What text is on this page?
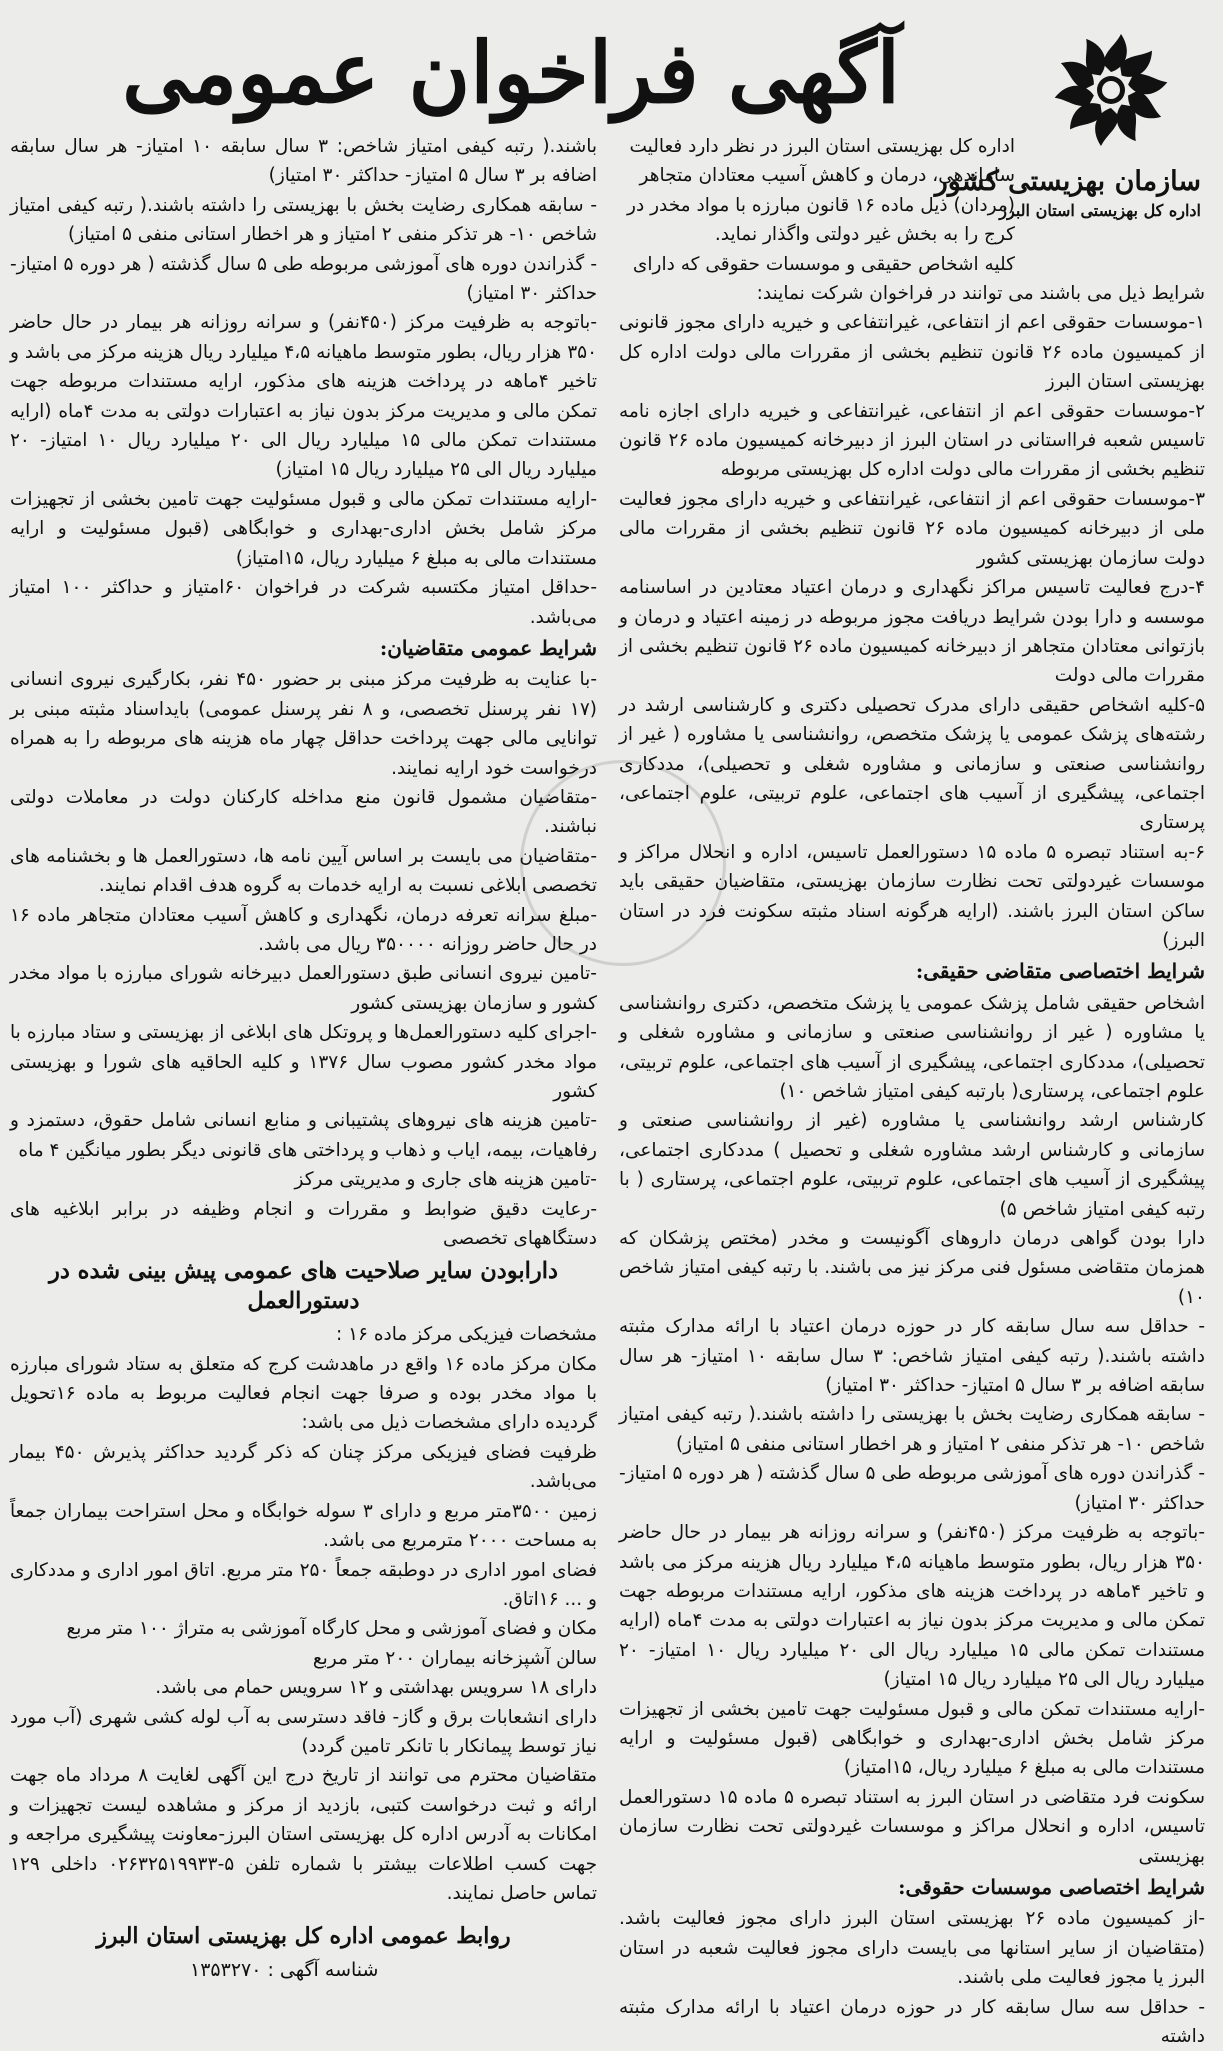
سازمان بهزیستی کشور
اداره کل بهزیستی استان البرز
آگهی فراخوان عمومی

اداره کل بهزیستی استان البرز در نظر دارد فعالیت

ساماندهی، درمان و کاهش آسیب معتادان متجاهر

(مردان) ذیل ماده ۱۶ قانون مبارزه با مواد مخدر در

کرج را به بخش غیر دولتی واگذار نماید.

کلیه اشخاص حقیقی و موسسات حقوقی که دارای

شرایط ذیل می باشند می توانند در فراخوان شرکت نمایند:

۱-موسسات حقوقی اعم از انتفاعی، غیرانتفاعی و خیریه دارای مجوز قانونی از کمیسیون ماده ۲۶ قانون تنظیم بخشی از مقررات مالی دولت اداره کل بهزیستی استان البرز

۲-موسسات حقوقی اعم از انتفاعی، غیرانتفاعی و خیریه دارای اجازه نامه تاسیس شعبه فرااستانی در استان البرز از دبیرخانه کمیسیون ماده ۲۶ قانون تنظیم بخشی از مقررات مالی دولت اداره کل بهزیستی مربوطه

۳-موسسات حقوقی اعم از انتفاعی، غیرانتفاعی و خیریه دارای مجوز فعالیت ملی از دبیرخانه کمیسیون ماده ۲۶ قانون تنظیم بخشی از مقررات مالی دولت سازمان بهزیستی کشور

۴-درج فعالیت تاسیس مراکز نگهداری و درمان اعتیاد معتادین در اساسنامه موسسه و دارا بودن شرایط دریافت مجوز مربوطه در زمینه اعتیاد و درمان و بازتوانی معتادان متجاهر از دبیرخانه کمیسیون ماده ۲۶ قانون تنظیم بخشی از مقررات مالی دولت

۵-کلیه اشخاص حقیقی دارای مدرک تحصیلی دکتری و کارشناسی ارشد در رشته‌های پزشک عمومی یا پزشک متخصص، روانشناسی یا مشاوره ( غیر از روانشناسی صنعتی و سازمانی و مشاوره شغلی و تحصیلی)، مددکاری اجتماعی، پیشگیری از آسیب های اجتماعی، علوم تربیتی، علوم اجتماعی، پرستاری

۶-به استناد تبصره ۵ ماده ۱۵ دستورالعمل تاسیس، اداره و انحلال مراکز و موسسات غیردولتی تحت نظارت سازمان بهزیستی، متقاضیان حقیقی باید ساکن استان البرز باشند. (ارایه هرگونه اسناد مثبته سکونت فرد در استان البرز)

شرایط اختصاصی متقاضی حقیقی:

اشخاص حقیقی شامل پزشک عمومی یا پزشک متخصص، دکتری روانشناسی یا مشاوره ( غیر از روانشناسی صنعتی و سازمانی و مشاوره شغلی و تحصیلی)، مددکاری اجتماعی، پیشگیری از آسیب های اجتماعی، علوم تربیتی، علوم اجتماعی، پرستاری( بارتبه کیفی امتیاز شاخص ۱۰)

کارشناس ارشد روانشناسی یا مشاوره (غیر از روانشناسی صنعتی و سازمانی و کارشناس ارشد مشاوره شغلی و تحصیل ) مددکاری اجتماعی، پیشگیری از آسیب های اجتماعی، علوم تربیتی، علوم اجتماعی، پرستاری ( با رتبه کیفی امتیاز شاخص ۵)

دارا بودن گواهی درمان داروهای آگونیست و مخدر (مختص پزشکان که همزمان متقاضی مسئول فنی مرکز نیز می باشند. با رتبه کیفی امتیاز شاخص ۱۰)

- حداقل سه سال سابقه کار در حوزه درمان اعتیاد با ارائه مدارک مثبته داشته باشند.( رتبه کیفی امتیاز شاخص: ۳ سال سابقه ۱۰ امتیاز- هر سال سابقه اضافه بر ۳ سال ۵ امتیاز- حداکثر ۳۰ امتیاز)

- سابقه همکاری رضایت بخش با بهزیستی را داشته باشند.( رتبه کیفی امتیاز شاخص ۱۰- هر تذکر منفی ۲ امتیاز و هر اخطار استانی منفی ۵ امتیاز)

- گذراندن دوره های آموزشی مربوطه طی ۵ سال گذشته ( هر دوره ۵ امتیاز- حداکثر ۳۰ امتیاز)

-باتوجه به ظرفیت مرکز (۴۵۰نفر) و سرانه روزانه هر بیمار در حال حاضر ۳۵۰ هزار ریال، بطور متوسط ماهیانه ۴،۵ میلیارد ریال هزینه مرکز می باشد و تاخیر ۴ماهه در پرداخت هزینه های مذکور، ارایه مستندات مربوطه جهت تمکن مالی و مدیریت مرکز بدون نیاز به اعتبارات دولتی به مدت ۴ماه (ارایه مستندات تمکن مالی ۱۵ میلیارد ریال الی ۲۰ میلیارد ریال ۱۰ امتیاز- ۲۰ میلیارد ریال الی ۲۵ میلیارد ریال ۱۵ امتیاز)

-ارایه مستندات تمکن مالی و قبول مسئولیت جهت تامین بخشی از تجهیزات مرکز شامل بخش اداری-بهداری و خوابگاهی (قبول مسئولیت و ارایه مستندات مالی به مبلغ ۶ میلیارد ریال، ۱۵امتیاز)

سکونت فرد متقاضی در استان البرز به استناد تبصره ۵ ماده ۱۵ دستورالعمل تاسیس، اداره و انحلال مراکز و موسسات غیردولتی تحت نظارت سازمان بهزیستی

شرایط اختصاصی موسسات حقوقی:

-از کمیسیون ماده ۲۶ بهزیستی استان البرز دارای مجوز فعالیت باشد. (متقاضیان از سایر استانها می بایست دارای مجوز فعالیت شعبه در استان البرز یا مجوز فعالیت ملی باشند.

- حداقل سه سال سابقه کار در حوزه درمان اعتیاد با ارائه مدارک مثبته داشته

باشند.( رتبه کیفی امتیاز شاخص: ۳ سال سابقه ۱۰ امتیاز- هر سال سابقه اضافه بر ۳ سال ۵ امتیاز- حداکثر ۳۰ امتیاز)

- سابقه همکاری رضایت بخش با بهزیستی را داشته باشند.( رتبه کیفی امتیاز شاخص ۱۰- هر تذکر منفی ۲ امتیاز و هر اخطار استانی منفی ۵ امتیاز)

- گذراندن دوره های آموزشی مربوطه طی ۵ سال گذشته ( هر دوره ۵ امتیاز- حداکثر ۳۰ امتیاز)

-باتوجه به ظرفیت مرکز (۴۵۰نفر) و سرانه روزانه هر بیمار در حال حاضر ۳۵۰ هزار ریال، بطور متوسط ماهیانه ۴،۵ میلیارد ریال هزینه مرکز می باشد و تاخیر ۴ماهه در پرداخت هزینه های مذکور، ارایه مستندات مربوطه جهت تمکن مالی و مدیریت مرکز بدون نیاز به اعتبارات دولتی به مدت ۴ماه (ارایه مستندات تمکن مالی ۱۵ میلیارد ریال الی ۲۰ میلیارد ریال ۱۰ امتیاز- ۲۰ میلیارد ریال الی ۲۵ میلیارد ریال ۱۵ امتیاز)

-ارایه مستندات تمکن مالی و قبول مسئولیت جهت تامین بخشی از تجهیزات مرکز شامل بخش اداری-بهداری و خوابگاهی (قبول مسئولیت و ارایه مستندات مالی به مبلغ ۶ میلیارد ریال، ۱۵امتیاز)

-حداقل امتیاز مکتسبه شرکت در فراخوان ۶۰امتیاز و حداکثر ۱۰۰ امتیاز می‌باشد.

شرایط عمومی متقاضیان:

-با عنایت به ظرفیت مرکز مبنی بر حضور ۴۵۰ نفر، بکارگیری نیروی انسانی (۱۷ نفر پرسنل تخصصی، و ۸ نفر پرسنل عمومی) بایداسناد مثبته مبنی بر توانایی مالی جهت پرداخت حداقل چهار ماه هزینه های مربوطه را به همراه درخواست خود ارایه نمایند.

-متقاضیان مشمول قانون منع مداخله کارکنان دولت در معاملات دولتی نباشند.

-متقاضیان می بایست بر اساس آیین نامه ها، دستورالعمل ها و بخشنامه های تخصصی ابلاغی نسبت به ارایه خدمات به گروه هدف اقدام نمایند.

-مبلغ سرانه تعرفه درمان، نگهداری و کاهش آسیب معتادان متجاهر ماده ۱۶ در حال حاضر روزانه ۳۵۰۰۰۰ ریال می باشد.

-تامین نیروی انسانی طبق دستورالعمل دبیرخانه شورای مبارزه با مواد مخدر کشور و سازمان بهزیستی کشور

-اجرای کلیه دستورالعمل‌ها و پروتکل های ابلاغی از بهزیستی و ستاد مبارزه با مواد مخدر کشور مصوب سال ۱۳۷۶ و کلیه الحاقیه های شورا و بهزیستی کشور

-تامین هزینه های نیروهای پشتیبانی و منابع انسانی شامل حقوق، دستمزد و رفاهیات، بیمه، ایاب و ذهاب و پرداختی های قانونی دیگر بطور میانگین ۴ ماه

-تامین هزینه های جاری و مدیریتی مرکز

-رعایت دقیق ضوابط و مقررات و انجام وظیفه در برابر ابلاغیه های دستگاههای تخصصی

دارابودن سایر صلاحیت های عمومی پیش بینی شده در دستورالعمل

مشخصات فیزیکی مرکز ماده ۱۶ :

مکان مرکز ماده ۱۶ واقع در ماهدشت کرج که متعلق به ستاد شورای مبارزه با مواد مخدر بوده و صرفا جهت انجام فعالیت مربوط به ماده ۱۶تحویل گردیده دارای مشخصات ذیل می باشد:

ظرفیت فضای فیزیکی مرکز چنان که ذکر گردید حداکثر پذیرش ۴۵۰ بیمار می‌باشد.

زمین ۳۵۰۰متر مربع و دارای ۳ سوله خوابگاه و محل استراحت بیماران جمعاً به مساحت ۲۰۰۰ مترمربع می باشد.

فضای امور اداری در دوطبقه جمعاً ۲۵۰ متر مربع. اتاق امور اداری و مددکاری و ... ۱۶اتاق.

مکان و فضای آموزشی و محل کارگاه آموزشی به متراژ ۱۰۰ متر مربع

سالن آشپزخانه بیماران ۲۰۰ متر مربع

دارای ۱۸ سرویس بهداشتی و ۱۲ سرویس حمام می باشد.

دارای انشعابات برق و گاز- فاقد دسترسی به آب لوله کشی شهری (آب مورد نیاز توسط پیمانکار با تانکر تامین گردد)

متقاضیان محترم می توانند از تاریخ درج این آگهی لغایت ۸ مرداد ماه جهت ارائه و ثبت درخواست کتبی، بازدید از مرکز و مشاهده لیست تجهیزات و امکانات به آدرس اداره کل بهزیستی استان البرز-معاونت پیشگیری مراجعه و جهت کسب اطلاعات بیشتر با شماره تلفن ۵-۰۲۶۳۲۵۱۹۹۳۳ داخلی ۱۲۹ تماس حاصل نمایند.

روابط عمومی اداره کل بهزیستی استان البرز
شناسه آگهی : ۱۳۵۳۲۷۰
